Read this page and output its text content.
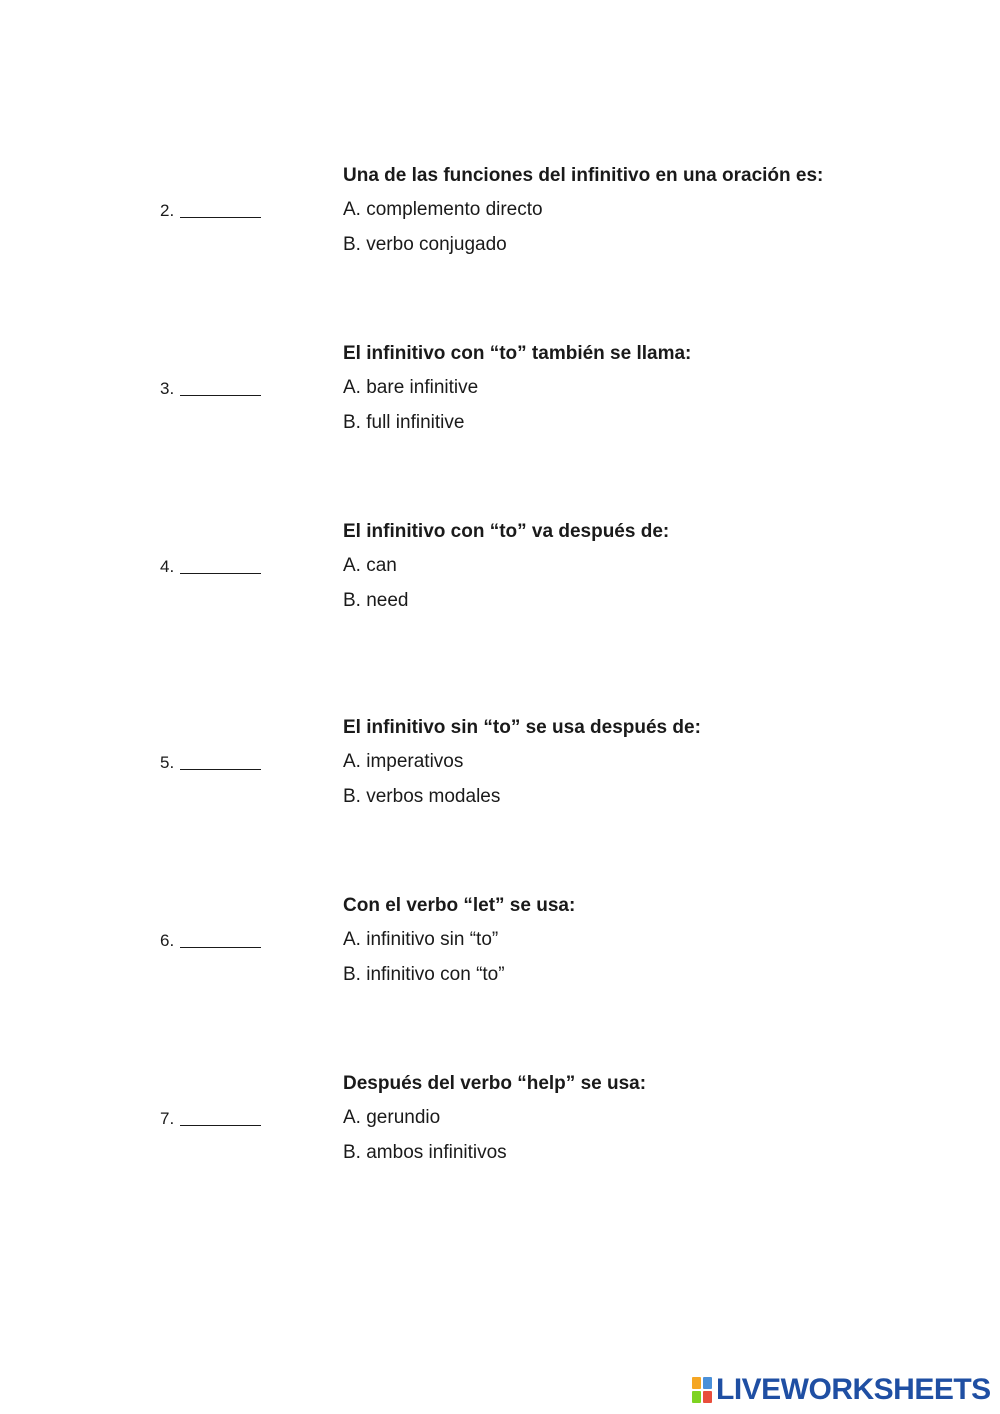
Una de las funciones del infinitivo en una oración es:
2.	A. complemento directo
B. verbo conjugado
El infinitivo con “to” también se llama:
3.	A. bare infinitive
B. full infinitive
El infinitivo con “to” va después de:
4.	A. can
B. need
El infinitivo sin “to” se usa después de:
5.	A. imperativos
B. verbos modales
Con el verbo “let” se usa:
6.	A. infinitivo sin “to”
B. infinitivo con “to”
Después del verbo “help” se usa:
7.	A. gerundio
B. ambos infinitivos
LIVEWORKSHEETS
